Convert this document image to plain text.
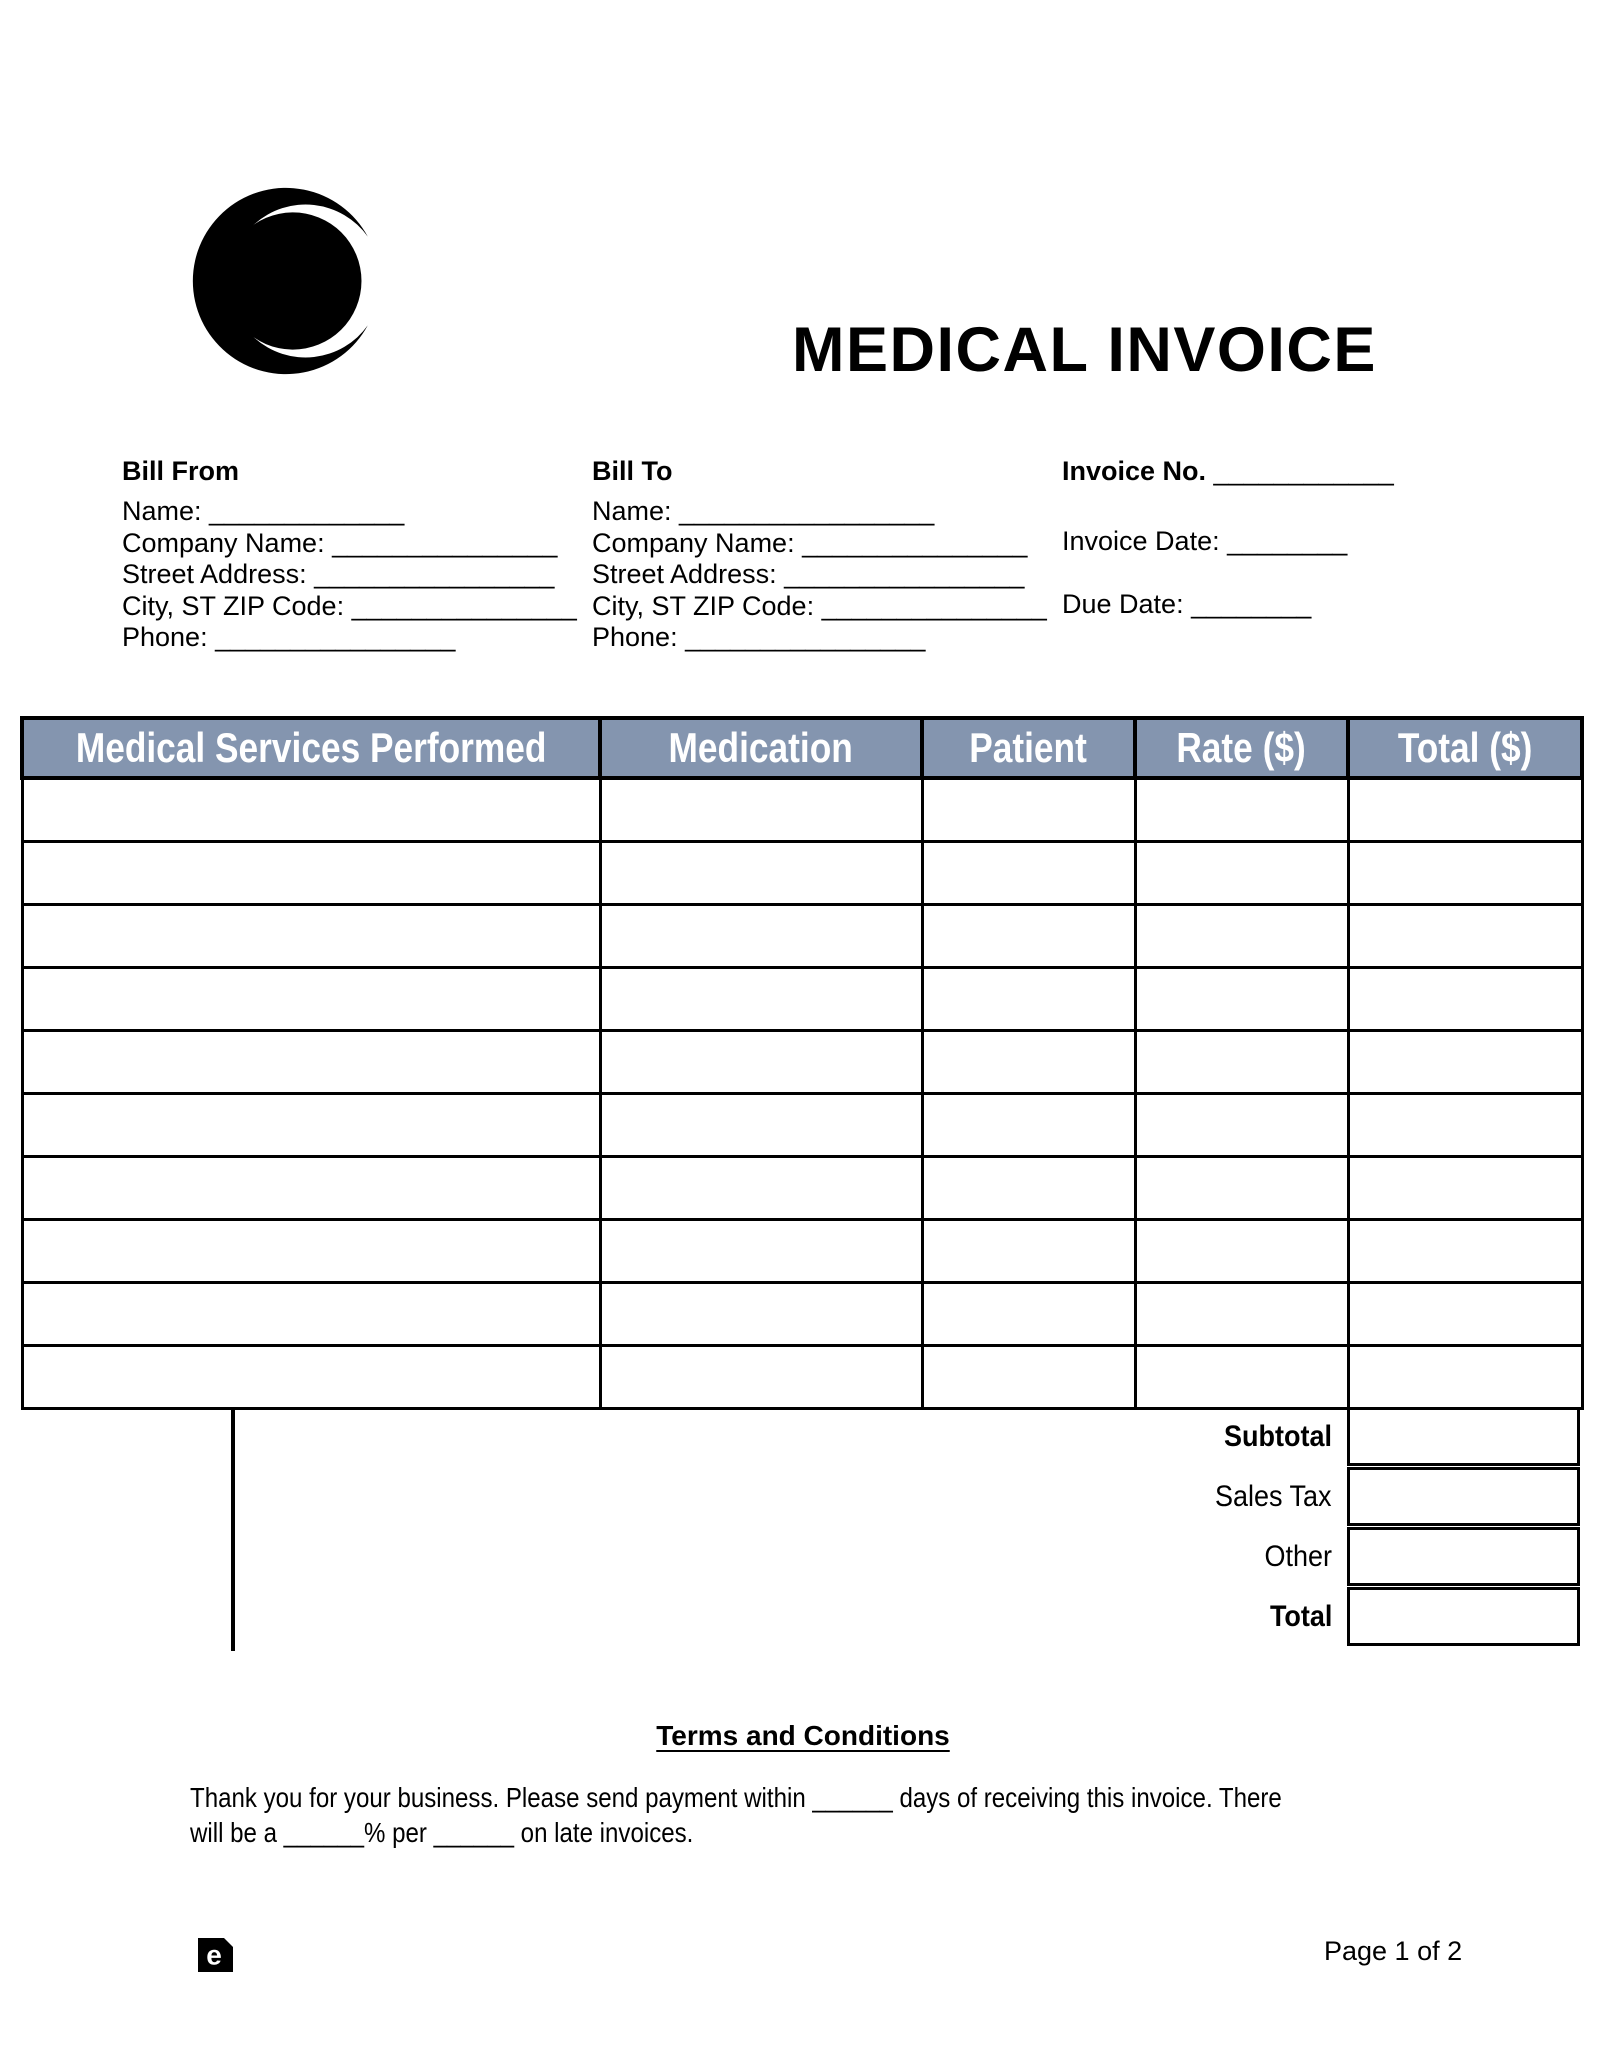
MEDICAL INVOICE
Bill From
Name: _____________
Company Name: _______________
Street Address: ________________
City, ST ZIP Code: _______________
Phone: ________________
Bill To
Name: _________________
Company Name: _______________
Street Address: ________________
City, ST ZIP Code: _______________
Phone: ________________
Invoice No. ____________
Invoice Date: ________
Due Date: ________
Medical Services Performed	Medication	Patient	Rate ($)	Total ($)

Subtotal
Sales Tax
Other
Total
Terms and Conditions
Thank you for your business. Please send payment within ______ days of receiving this invoice. There
will be a ______% per ______ on late invoices.
e	Page 1 of 2
